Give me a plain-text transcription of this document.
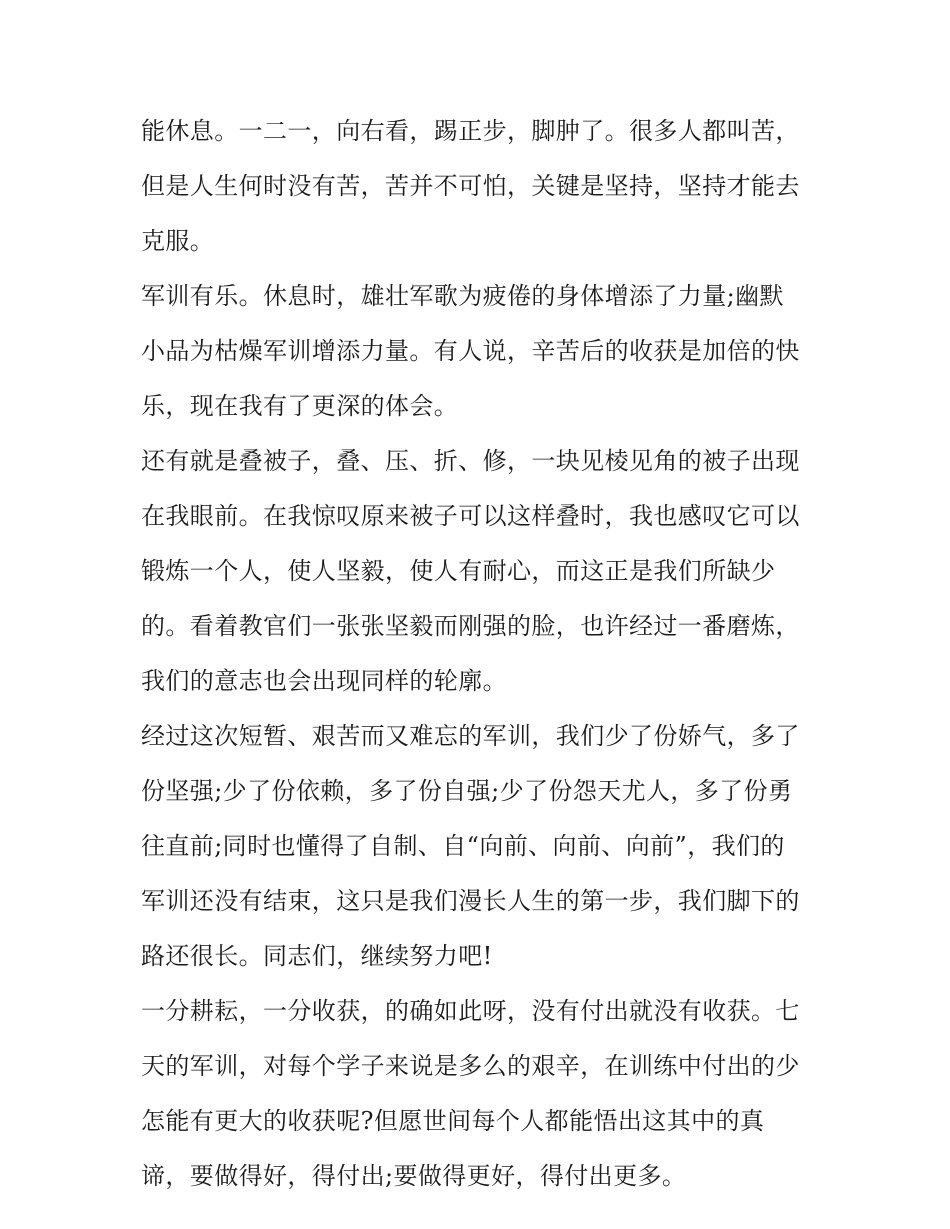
能休息。一二一，向右看，踢正步，脚肿了。很多人都叫苦，
但是人生何时没有苦，苦并不可怕，关键是坚持，坚持才能去
克服。
军训有乐。休息时，雄壮军歌为疲倦的身体增添了力量;幽默
小品为枯燥军训增添力量。有人说，辛苦后的收获是加倍的快
乐，现在我有了更深的体会。
还有就是叠被子，叠、压、折、修，一块见棱见角的被子出现
在我眼前。在我惊叹原来被子可以这样叠时，我也感叹它可以
锻炼一个人，使人坚毅，使人有耐心，而这正是我们所缺少
的。看着教官们一张张坚毅而刚强的脸，也许经过一番磨炼，
我们的意志也会出现同样的轮廓。
经过这次短暂、艰苦而又难忘的军训，我们少了份娇气，多了
份坚强;少了份依赖，多了份自强;少了份怨天尤人，多了份勇
往直前;同时也懂得了自制、自“向前、向前、向前”，我们的
军训还没有结束，这只是我们漫长人生的第一步，我们脚下的
路还很长。同志们，继续努力吧!
一分耕耘，一分收获，的确如此呀，没有付出就没有收获。七
天的军训，对每个学子来说是多么的艰辛，在训练中付出的少
怎能有更大的收获呢?但愿世间每个人都能悟出这其中的真
谛，要做得好，得付出;要做得更好，得付出更多。
